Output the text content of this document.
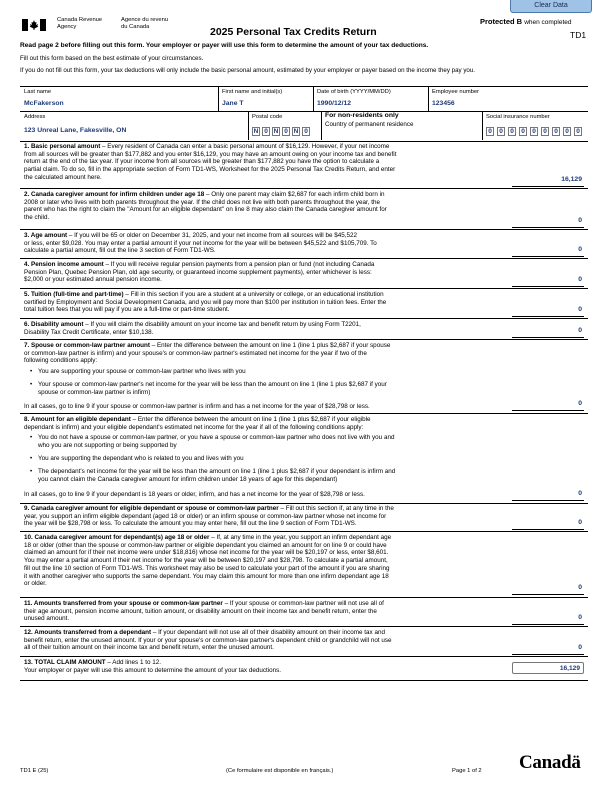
Clear Data
Canada Revenue
Agency
Agence du revenu
du Canada	2025 Personal Tax Credits Return
Protected B when completed
TD1
Read page 2 before filling out this form. Your employer or payer will use this form to determine the amount of your tax deductions.
Fill out this form based on the best estimate of your circumstances.
If you do not fill out this form, your tax deductions will only include the basic personal amount, estimated by your employer or payer based on the income they pay you.
Last name
McFakerson
First name and initial(s)
Jane T
Date of birth (YYYY/MM/DD)
1990/12/12
Employee number
123456
Address
123 Unreal Lane, Fakesville, ON
Postal code
N 0 N 0 N 0
For non-residents only
Country of permanent residence
Social insurance number
0	0	0	0	0	0	0	0	0
1. Basic personal amount – Every resident of Canada can enter a basic personal amount of $16,129. However, if your net income
from all sources will be greater than $177,882 and you enter $16,129, you may have an amount owing on your income tax and benefit
return at the end of the tax year. If your income from all sources will be greater than $177,882 you have the option to calculate a
partial claim. To do so, fill in the appropriate section of Form TD1-WS, Worksheet for the 2025 Personal Tax Credits Return, and enter
the calculated amount here.	16,129
2. Canada caregiver amount for infirm children under age 18 – Only one parent may claim $2,687 for each infirm child born in
2008 or later who lives with both parents throughout the year. If the child does not live with both parents throughout the year, the
parent who has the right to claim the "Amount for an eligible dependant" on line 8 may also claim the Canada caregiver amount for
the child.	0
3. Age amount – If you will be 65 or older on December 31, 2025, and your net income from all sources will be $45,522
or less, enter $9,028. You may enter a partial amount if your net income for the year will be between $45,522 and $105,709. To
calculate a partial amount, fill out the line 3 section of Form TD1-WS.	0
4. Pension income amount – If you will receive regular pension payments from a pension plan or fund (not including Canada
Pension Plan, Quebec Pension Plan, old age security, or guaranteed income supplement payments), enter whichever is less:
$2,000 or your estimated annual pension income.	0
5. Tuition (full-time and part-time) – Fill in this section if you are a student at a university or college, or an educational institution
certified by Employment and Social Development Canada, and you will pay more than $100 per institution in tuition fees. Enter the
total tuition fees that you will pay if you are a full-time or part-time student.	0
6. Disability amount – If you will claim the disability amount on your income tax and benefit return by using Form T2201,
Disability Tax Credit Certificate, enter $10,138.	0
7. Spouse or common-law partner amount – Enter the difference between the amount on line 1 (line 1 plus $2,687 if your spouse
or common-law partner is infirm) and your spouse's or common-law partner's estimated net income for the year if two of the
following conditions apply:
• You are supporting your spouse or common-law partner who lives with you
• Your spouse or common-law partner's net income for the year will be less than the amount on line 1 (line 1 plus $2,687 if your
spouse or common-law partner is infirm)
In all cases, go to line 9 if your spouse or common-law partner is infirm and has a net income for the year of $28,798 or less.	0
8. Amount for an eligible dependant – Enter the difference between the amount on line 1 (line 1 plus $2,687 if your eligible
dependant is infirm) and your eligible dependant's estimated net income for the year if all of the following conditions apply:
• You do not have a spouse or common-law partner, or you have a spouse or common-law partner who does not live with you and
who you are not supporting or being supported by
• You are supporting the dependant who is related to you and lives with you
• The dependant's net income for the year will be less than the amount on line 1 (line 1 plus $2,687 if your dependant is infirm and
you cannot claim the Canada caregiver amount for infirm children under 18 years of age for this dependant)
In all cases, go to line 9 if your dependant is 18 years or older, infirm, and has a net income for the year of $28,798 or less.	0
9. Canada caregiver amount for eligible dependant or spouse or common-law partner – Fill out this section if, at any time in the
year, you support an infirm eligible dependant (aged 18 or older) or an infirm spouse or common-law partner whose net income for
the year will be $28,798 or less. To calculate the amount you may enter here, fill out the line 9 section of Form TD1-WS.	0
10. Canada caregiver amount for dependant(s) age 18 or older – If, at any time in the year, you support an infirm dependant age
18 or older (other than the spouse or common-law partner or eligible dependant you claimed an amount for on line 9 or could have
claimed an amount for if their net income were under $18,816) whose net income for the year will be $20,197 or less, enter $8,601.
You may enter a partial amount if their net income for the year will be between $20,197 and $28,798. To calculate a partial amount,
fill out the line 10 section of Form TD1-WS. This worksheet may also be used to calculate your part of the amount if you are sharing
it with another caregiver who supports the same dependant. You may claim this amount for more than one infirm dependant age 18
or older.
0
11. Amounts transferred from your spouse or common-law partner – If your spouse or common-law partner will not use all of
their age amount, pension income amount, tuition amount, or disability amount on their income tax and benefit return, enter the
unused amount.	0
12. Amounts transferred from a dependant – If your dependant will not use all of their disability amount on their income tax and
benefit return, enter the unused amount. If your or your spouse's or common-law partner's dependent child or grandchild will not use
all of their tuition amount on their income tax and benefit return, enter the unused amount.	0
13. TOTAL CLAIM AMOUNT – Add lines 1 to 12.
Your employer or payer will use this amount to determine the amount of your tax deductions.	16,129
TD1 E (25)	(Ce formulaire est disponible en français.)	Page 1 of 2 Canadä
